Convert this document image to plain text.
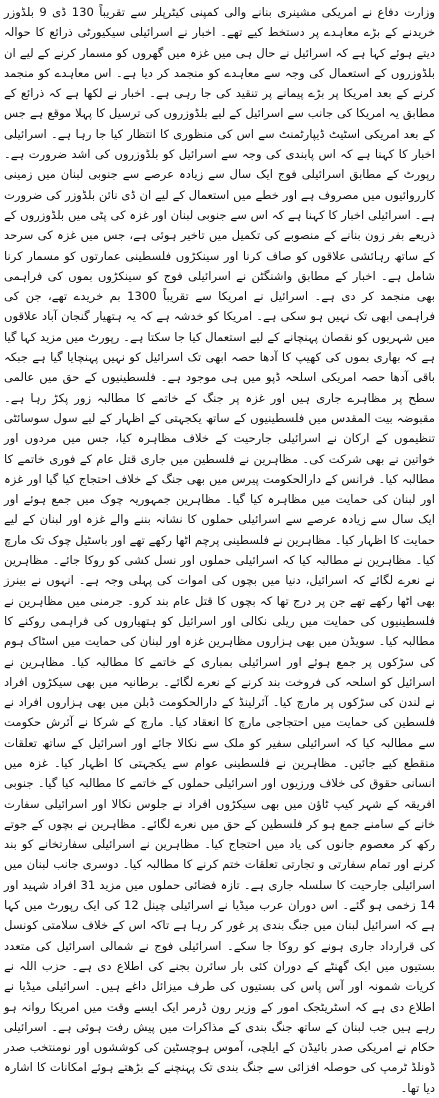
وزارت دفاع نے امریکی مشینری بنانے والی کمپنی کیٹرپلر سے تقریباً 130 ڈی 9 بلڈوزر خریدنے کے بڑے معاہدے پر دستخط کیے تھے۔ اخبار نے اسرائیلی سیکیورٹی ذرائع کا حوالہ دیتے ہوئے کہا ہے کہ اسرائیل نے حال ہی میں غزہ میں گھروں کو مسمار کرنے کے لیے ان بلڈوزروں کے استعمال کی وجہ سے معاہدے کو منجمد کر دیا ہے۔ اس معاہدے کو منجمد کرنے کے بعد امریکا پر بڑے پیمانے پر تنقید کی جا رہی ہے۔ اخبار نے لکھا ہے کہ ذرائع کے مطابق یہ امریکا کی جانب سے اسرائیل کے لیے بلڈوزروں کی ترسیل کا پہلا موقع ہے جس کے بعد امریکی اسٹیٹ ڈیپارٹمنٹ سے اس کی منظوری کا انتظار کیا جا رہا ہے۔ اسرائیلی اخبار کا کہنا ہے کہ اس پابندی کی وجہ سے اسرائیل کو بلڈوزروں کی اشد ضرورت ہے۔ رپورٹ کے مطابق اسرائیلی فوج ایک سال سے زیادہ عرصے سے جنوبی لبنان میں زمینی کارروائیوں میں مصروف ہے اور خطے میں استعمال کے لیے ان ڈی نائن بلڈوزر کی ضرورت ہے۔ اسرائیلی اخبار کا کہنا ہے کہ اس سے جنوبی لبنان اور غزہ کی پٹی میں بلڈوزروں کے ذریعے بفر زون بنانے کے منصوبے کی تکمیل میں تاخیر ہوئی ہے، جس میں غزہ کی سرحد کے ساتھ رہائشی علاقوں کو صاف کرنا اور سینکڑوں فلسطینی عمارتوں کو مسمار کرنا شامل ہے۔ اخبار کے مطابق واشنگٹن نے اسرائیلی فوج کو سینکڑوں بموں کی فراہمی بھی منجمد کر دی ہے۔ اسرائیل نے امریکا سے تقریباً 1300 بم خریدے تھے، جن کی فراہمی ابھی تک نہیں ہو سکی ہے۔ امریکا کو خدشہ ہے کہ یہ ہتھیار گنجان آباد علاقوں میں شہریوں کو نقصان پہنچانے کے لیے استعمال کیا جا سکتا ہے۔ رپورٹ میں مزید کہا گیا ہے کہ بھاری بموں کی کھیپ کا آدھا حصہ ابھی تک اسرائیل کو نہیں پہنچایا گیا ہے جبکہ باقی آدھا حصہ امریکی اسلحہ ڈپو میں ہی موجود ہے۔ فلسطینیوں کے حق میں عالمی سطح پر مظاہرے جاری ہیں اور غزہ پر جنگ کے خاتمے کا مطالبہ زور پکڑ رہا ہے۔ مقبوضہ بیت المقدس میں فلسطینیوں کے ساتھ یکجہتی کے اظہار کے لیے سول سوسائٹی تنظیموں کے ارکان نے اسرائیلی جارحیت کے خلاف مظاہرہ کیا، جس میں مردوں اور خواتین نے بھی شرکت کی۔ مظاہرین نے فلسطین میں جاری قتل عام کے فوری خاتمے کا مطالبہ کیا۔ فرانس کے دارالحکومت پیرس میں بھی جنگ کے خلاف احتجاج کیا گیا اور غزہ اور لبنان کی حمایت میں مظاہرہ کیا گیا۔ مظاہرین جمہوریہ چوک میں جمع ہوئے اور ایک سال سے زیادہ عرصے سے اسرائیلی حملوں کا نشانہ بننے والے غزہ اور لبنان کے لیے حمایت کا اظہار کیا۔ مظاہرین نے فلسطینی پرچم اٹھا رکھے تھے اور باسٹیل چوک تک مارچ کیا۔ مظاہرین نے مطالبہ کیا کہ اسرائیلی حملوں اور نسل کشی کو روکا جائے۔ مظاہرین نے نعرے لگائے کہ اسرائیل، دنیا میں بچوں کی اموات کی پہلی وجہ ہے۔ انہوں نے بینرز بھی اٹھا رکھے تھے جن پر درج تھا کہ بچوں کا قتل عام بند کرو۔ جرمنی میں مظاہرین نے فلسطینیوں کی حمایت میں ریلی نکالی اور اسرائیل کو ہتھیاروں کی فراہمی روکنے کا مطالبہ کیا۔ سویڈن میں بھی ہزاروں مظاہرین غزہ اور لبنان کی حمایت میں اسٹاک ہوم کی سڑکوں پر جمع ہوئے اور اسرائیلی بمباری کے خاتمے کا مطالبہ کیا۔ مظاہرین نے اسرائیل کو اسلحہ کی فروخت بند کرنے کے نعرے لگائے۔ برطانیہ میں بھی سیکڑوں افراد نے لندن کی سڑکوں پر مارچ کیا۔ آئرلینڈ کے دارالحکومت ڈبلن میں بھی ہزاروں افراد نے فلسطین کی حمایت میں احتجاجی مارچ کا انعقاد کیا۔ مارچ کے شرکا نے آئرش حکومت سے مطالبہ کیا کہ اسرائیلی سفیر کو ملک سے نکالا جائے اور اسرائیل کے ساتھ تعلقات منقطع کیے جائیں۔ مظاہرین نے فلسطینی عوام سے یکجہتی کا اظہار کیا۔ غزہ میں انسانی حقوق کی خلاف ورزیوں اور اسرائیلی حملوں کے خاتمے کا مطالبہ کیا گیا۔ جنوبی افریقہ کے شہر کیپ ٹاؤن میں بھی سیکڑوں افراد نے جلوس نکالا اور اسرائیلی سفارت خانے کے سامنے جمع ہو کر فلسطین کے حق میں نعرے لگائے۔ مظاہرین نے بچوں کے جوتے رکھ کر معصوم جانوں کی یاد میں احتجاج کیا۔ مظاہرین نے اسرائیلی سفارتخانے کو بند کرنے اور تمام سفارتی و تجارتی تعلقات ختم کرنے کا مطالبہ کیا۔ دوسری جانب لبنان میں اسرائیلی جارحیت کا سلسلہ جاری ہے۔ تازہ فضائی حملوں میں مزید 31 افراد شہید اور 14 زخمی ہو گئے۔ اس دوران عرب میڈیا نے اسرائیلی چینل 12 کی ایک رپورٹ میں کہا ہے کہ اسرائیل لبنان میں جنگ بندی پر غور کر رہا ہے تاکہ اس کے خلاف سلامتی کونسل کی قرارداد جاری ہونے کو روکا جا سکے۔ اسرائیلی فوج نے شمالی اسرائیل کی متعدد بستیوں میں ایک گھنٹے کے دوران کئی بار سائرن بجنے کی اطلاع دی ہے۔ حزب اللہ نے کریات شمونہ اور آس پاس کی بستیوں کی طرف میزائل داغے ہیں۔ اسرائیلی میڈیا نے اطلاع دی ہے کہ اسٹریٹجک امور کے وزیر رون ڈرمر ایک ایسے وقت میں امریکا روانہ ہو رہے ہیں جب لبنان کے ساتھ جنگ بندی کے مذاکرات میں پیش رفت ہوئی ہے۔ اسرائیلی حکام نے امریکی صدر بائیڈن کے ایلچی، آموس ہوچسٹین کی کوششوں اور نومنتخب صدر ڈونلڈ ٹرمپ کی حوصلہ افزائی سے جنگ بندی تک پہنچنے کے بڑھتے ہوئے امکانات کا اشارہ دیا تھا۔
